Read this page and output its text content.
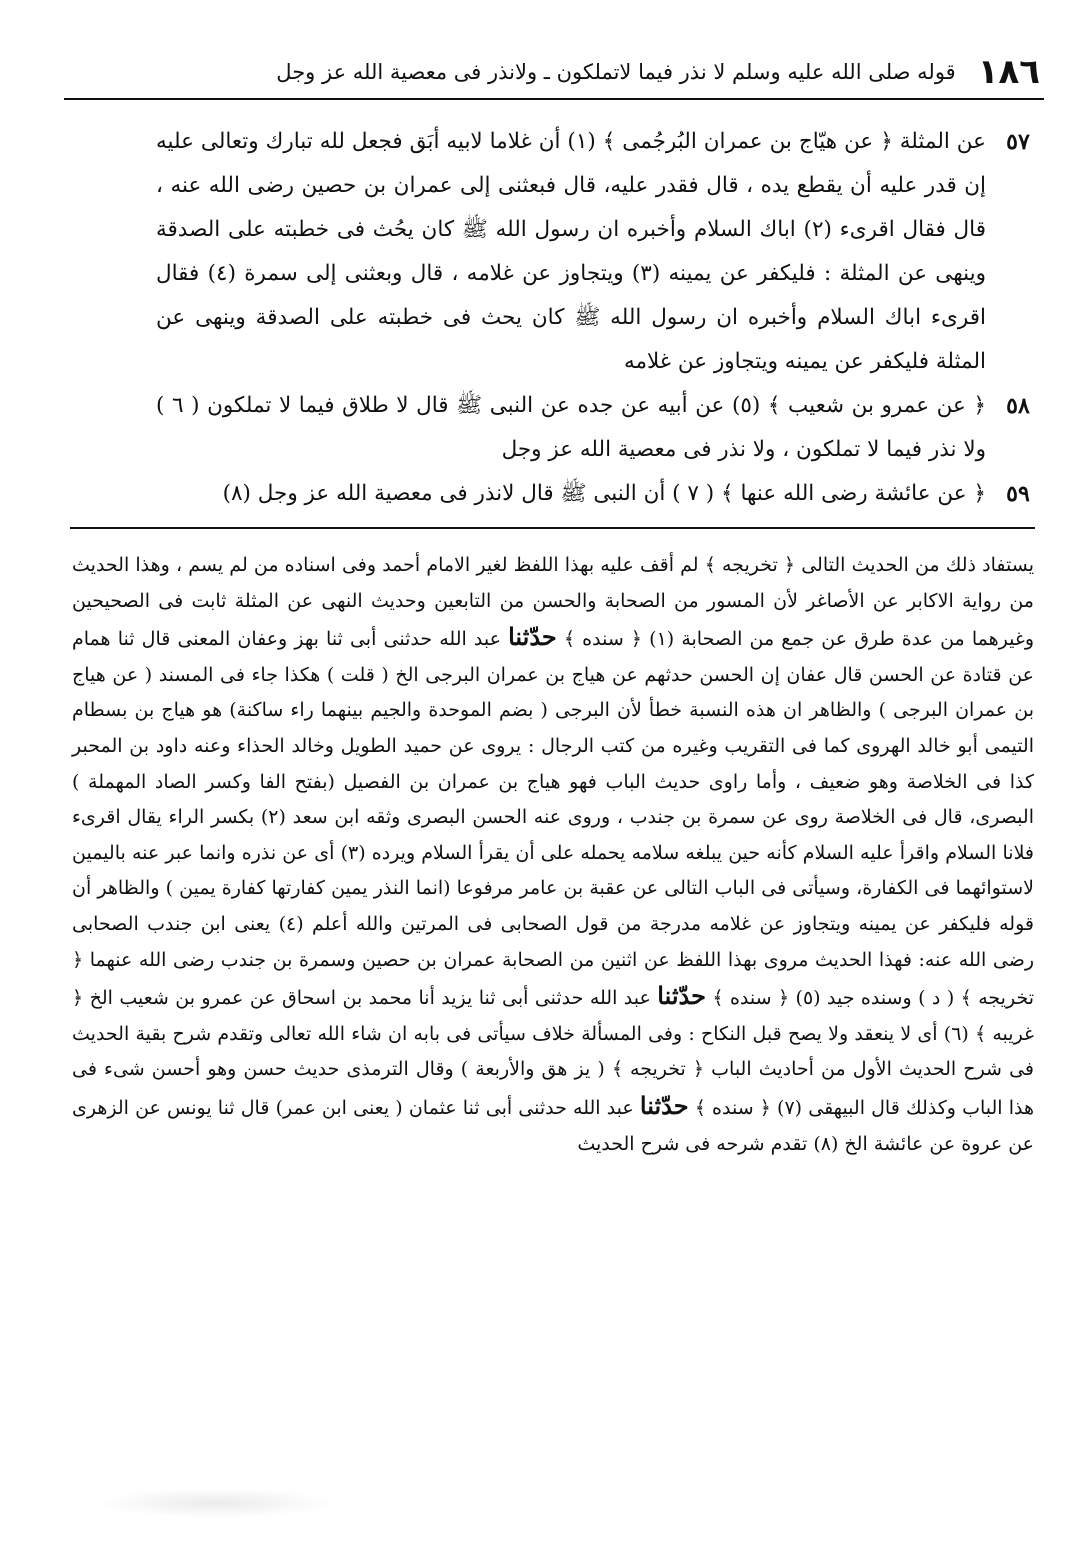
١٨٦
قوله صلى الله عليه وسلم لا نذر فيما لاتملكون ـ ولانذر فى معصية الله عز وجل
٥٧
عن المثلة ﴿ عن هيّاج بن عمران البُرجُمى ﴾ (١) أن غلاما لابيه أبَق فجعل لله تبارك وتعالى عليه إن قدر عليه أن يقطع يده ، قال فقدر عليه، قال فبعثنى إلى عمران بن حصين رضى الله عنه ، قال فقال اقرىء (٢) اباك السلام وأخبره ان رسول الله ﷺ كان يحُث فى خطبته على الصدقة وينهى عن المثلة : فليكفر عن يمينه (٣) ويتجاوز عن غلامه ، قال وبعثنى إلى سمرة (٤) فقال اقرىء اباك السلام وأخبره ان رسول الله ﷺ كان يحث فى خطبته على الصدقة وينهى عن المثلة فليكفر عن يمينه ويتجاوز عن غلامه
٥٨
﴿ عن عمرو بن شعيب ﴾ (٥) عن أبيه عن جده عن النبى ﷺ قال لا طلاق فيما لا تملكون ( ٦ ) ولا نذر فيما لا تملكون ، ولا نذر فى معصية الله عز وجل
٥٩
﴿ عن عائشة رضى الله عنها ﴾ ( ٧ ) أن النبى ﷺ قال لانذر فى معصية الله عز وجل (٨)

يستفاد ذلك من الحديث التالى ﴿ تخريجه ﴾ لم أقف عليه بهذا اللفظ لغير الامام أحمد وفى اسناده من لم يسم ، وهذا الحديث من رواية الاكابر عن الأصاغر لأن المسور من الصحابة والحسن من التابعين وحديث النهى عن المثلة ثابت فى الصحيحين وغيرهما من عدة طرق عن جمع من الصحابة (١) ﴿ سنده ﴾ حدّثنا عبد الله حدثنى أبى ثنا بهز وعفان المعنى قال ثنا همام عن قتادة عن الحسن قال عفان إن الحسن حدثهم عن هياج بن عمران البرجى الخ ( قلت ) هكذا جاء فى المسند ( عن هياج بن عمران البرجى ) والظاهر ان هذه النسبة خطأ لأن البرجى ( بضم الموحدة والجيم بينهما راء ساكنة) هو هياج بن بسطام التيمى أبو خالد الهروى كما فى التقريب وغيره من كتب الرجال : يروى عن حميد الطويل وخالد الحذاء وعنه داود بن المحبر كذا فى الخلاصة وهو ضعيف ، وأما راوى حديث الباب فهو هياج بن عمران بن الفصيل (بفتح الفا وكسر الصاد المهملة ) البصرى، قال فى الخلاصة روى عن سمرة بن جندب ، وروى عنه الحسن البصرى وثقه ابن سعد (٢) بكسر الراء يقال اقرىء فلانا السلام واقرأ عليه السلام كأنه حين يبلغه سلامه يحمله على أن يقرأ السلام ويرده (٣) أى عن نذره وانما عبر عنه باليمين لاستوائهما فى الكفارة، وسيأتى فى الباب التالى عن عقبة بن عامر مرفوعا (انما النذر يمين كفارتها كفارة يمين ) والظاهر أن قوله فليكفر عن يمينه ويتجاوز عن غلامه مدرجة من قول الصحابى فى المرتين والله أعلم (٤) يعنى ابن جندب الصحابى رضى الله عنه: فهذا الحديث مروى بهذا اللفظ عن اثنين من الصحابة عمران بن حصين وسمرة بن جندب رضى الله عنهما ﴿ تخريجه ﴾ ( د ) وسنده جيد (٥) ﴿ سنده ﴾ حدّثنا عبد الله حدثنى أبى ثنا يزيد أنا محمد بن اسحاق عن عمرو بن شعيب الخ ﴿ غريبه ﴾ (٦) أى لا ينعقد ولا يصح قبل النكاح : وفى المسألة خلاف سيأتى فى بابه ان شاء الله تعالى وتقدم شرح بقية الحديث فى شرح الحديث الأول من أحاديث الباب ﴿ تخريجه ﴾ ( يز هق والأربعة ) وقال الترمذى حديث حسن وهو أحسن شىء فى هذا الباب وكذلك قال البيهقى (٧) ﴿ سنده ﴾ حدّثنا عبد الله حدثنى أبى ثنا عثمان ( يعنى ابن عمر) قال ثنا يونس عن الزهرى عن عروة عن عائشة الخ (٨) تقدم شرحه فى شرح الحديث
